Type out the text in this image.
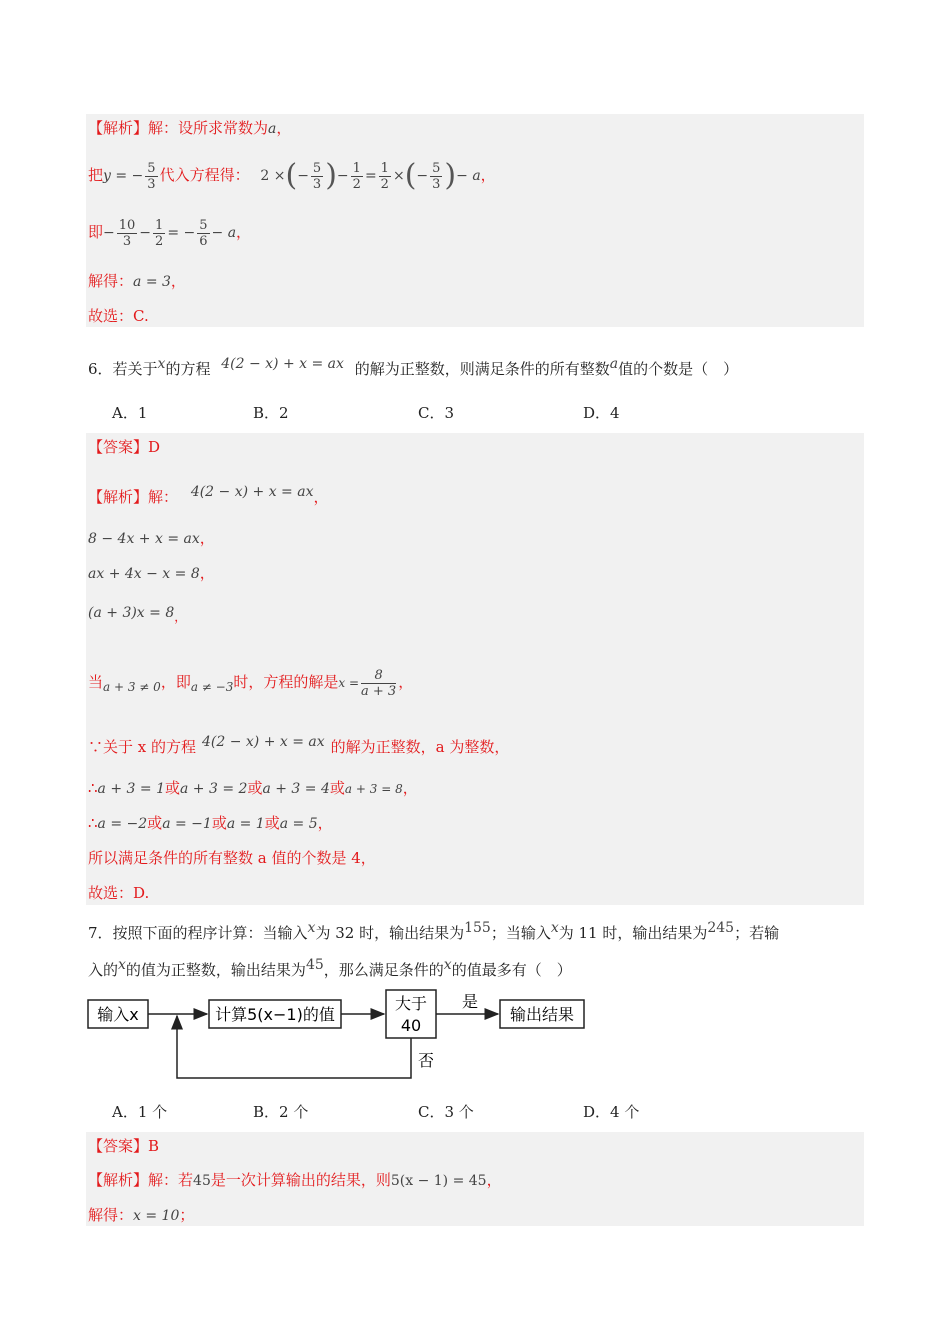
【解析】解：设所求常数为a，
把y = − $\frac{5}{3}$ 代入方程得： 2 ×(− $\frac{5}{3}$ )− $\frac{1}{2} = \frac{1}{2}$ ×(− $\frac{5}{3}$ )− a，
即− $\frac{10}{3} - \frac{1}{2}$ = − $\frac{5}{6} - a$，
解得：a = 3，
故选：C.
6．若关于$^x$的方程 $^{4(2 - x) + x = ax}$ 的解为正整数，则满足条件的所有整数$^a$值的个数是（　）
A．1	B．2	C．3	D．4
【答案】D
【解析】解： $^{4(2 - x) + x = ax}$，
8 − 4x + x = ax，
ax + 4x − x = 8，
$(a + 3)x = 8_,$
当$_{a + 3 \ne 0}$，即$_{a \ne -3}$时，方程的解是$x = \frac{8}{a + 3}$ ，
∵关于 x 的方程 $^{4(2 - x) + x = ax}$ 的解为正整数，a 为整数，
∴a + 3 = 1或a + 3 = 2或a + 3 = 4或a + 3 = 8，
∴a = −2或a = −1或a = 1或a = 5，
所以满足条件的所有整数 a 值的个数是 4，
故选：D.
7．按照下面的程序计算：当输入$^x$为 32 时，输出结果为$^{155}$；当输入$^x$为 11 时，输出结果为$^{245}$；若输
入的$^x$的值为正整数，输出结果为$^{45}$，那么满足条件的$^x$的值最多有（　）
输入x	计算5(x−1)的值
大于
40
是
输出结果
否
A．1 个	B．2 个	C．3 个	D．4 个
【答案】B
【解析】解：若45是一次计算输出的结果，则5(x − 1) = 45，
解得：x = 10；
